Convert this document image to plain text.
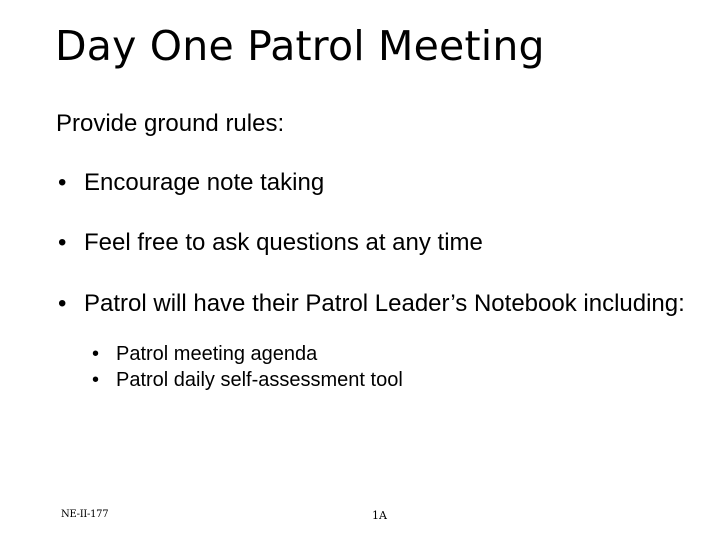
Day One Patrol Meeting
Provide ground rules:
• Encourage note taking
• Feel free to ask questions at any time
• Patrol will have their Patrol Leader’s Notebook including:
• Patrol meeting agenda
• Patrol daily self-assessment tool
NE-II-177	1A
